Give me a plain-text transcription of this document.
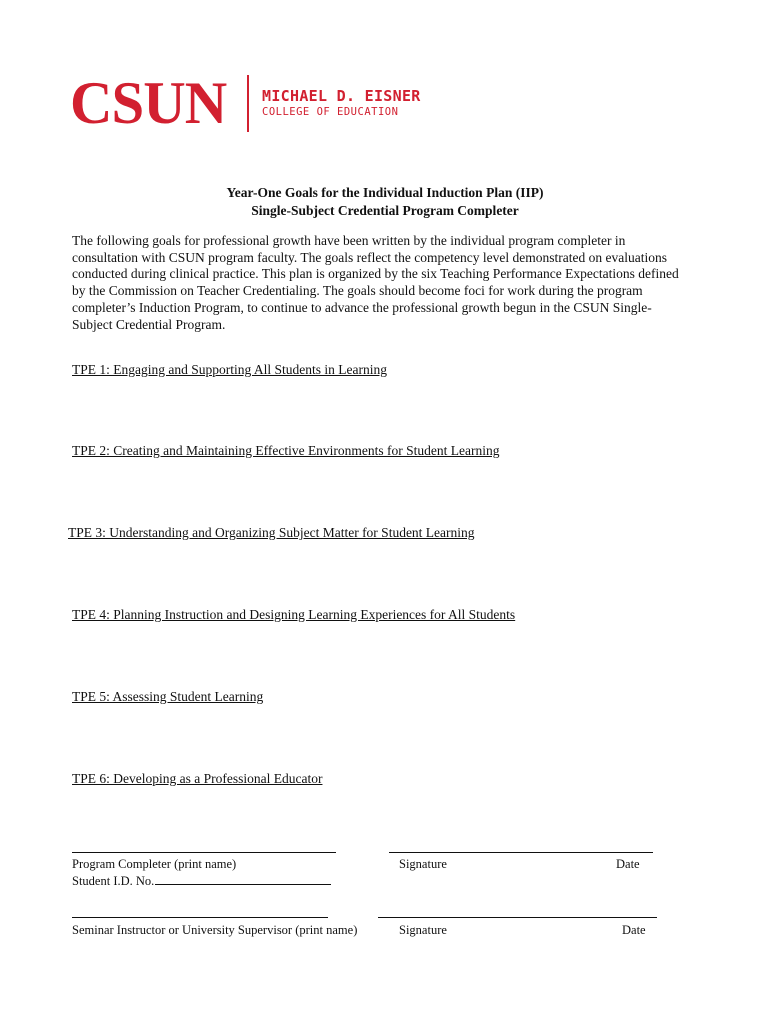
CSUN MICHAEL D. EISNER
COLLEGE OF EDUCATION
Year-One Goals for the Individual Induction Plan (IIP)
Single-Subject Credential Program Completer
The following goals for professional growth have been written by the individual program completer in
consultation with CSUN program faculty. The goals reflect the competency level demonstrated on evaluations
conducted during clinical practice. This plan is organized by the six Teaching Performance Expectations defined
by the Commission on Teacher Credentialing. The goals should become foci for work during the program
completer’s Induction Program, to continue to advance the professional growth begun in the CSUN Single-
Subject Credential Program.
TPE 1: Engaging and Supporting All Students in Learning
TPE 2: Creating and Maintaining Effective Environments for Student Learning
TPE 3: Understanding and Organizing Subject Matter for Student Learning
TPE 4: Planning Instruction and Designing Learning Experiences for All Students
TPE 5: Assessing Student Learning
TPE 6: Developing as a Professional Educator
Program Completer (print name)	Signature	Date
Student I.D. No.
Seminar Instructor or University Supervisor (print name)	Signature	Date
